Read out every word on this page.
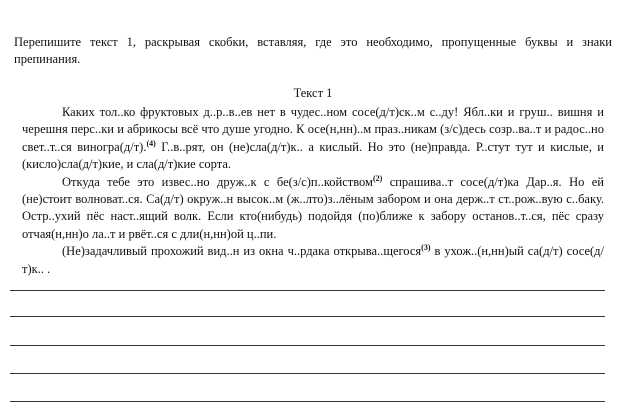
Перепишите текст 1, раскрывая скобки, вставляя, где это необходимо, пропущенные буквы и знаки препинания.
Текст 1

Каких тол..ко фруктовых д..р..в..ев нет в чудес..ном сосе(д/т)ск..м с..ду! Ябл..ки и груш.. вишня и черешня перс..ки и абрикосы всё что душе угодно. К осе(н,нн)..м праз..никам (з/с)десь созр..ва..т и радос..но свет..т..ся виногра(д/т).$^{(4)}$ Г..в..рят, он (не)сла(д/т)к.. а кислый. Но это (не)правда. Р..стут тут и кислые, и (кисло)сла(д/т)кие, и сла(д/т)кие сорта.

Откуда тебе это извес..но друж..к с бе(з/с)п..койством$^{(2)}$ спрашива..т сосе(д/т)ка Дар..я. Но ей (не)стоит волноват..ся. Са(д/т) окруж..н высок..м (ж..лто)з..лёным забором и она держ..т ст..рож..вую с..баку. Остр..ухий пёс наст..ящий волк. Если кто(нибудь) подойдя (по)ближе к забору останов..т..ся, пёс сразу отчая(н,нн)о ла..т и рвёт..ся с дли(н,нн)ой ц..пи.

(Не)задачливый прохожий вид..н из окна ч..рдака открыва..щегося$^{(3)}$ в ухож..(н,нн)ый са(д/т) сосе(д/т)к.. .
